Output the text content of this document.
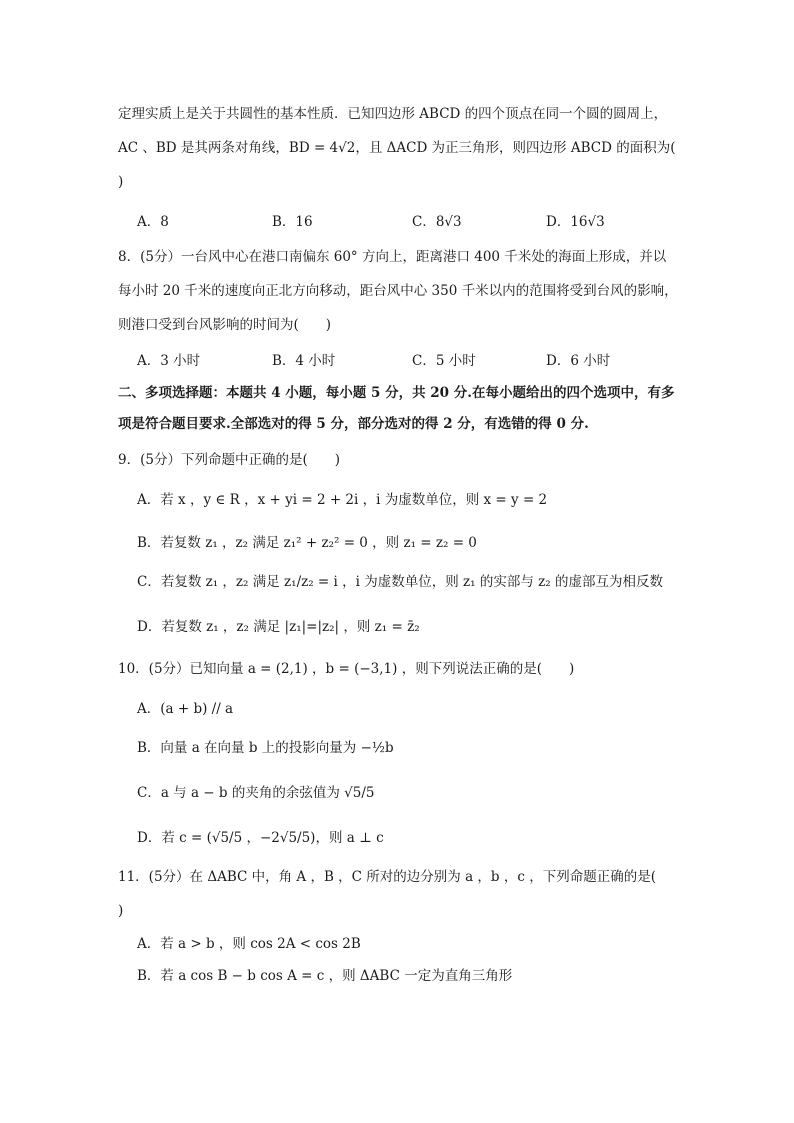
定理实质上是关于共圆性的基本性质．已知四边形 ABCD 的四个顶点在同一个圆的圆周上，
AC 、BD 是其两条对角线，BD = 4√2，且 ΔACD 为正三角形，则四边形 ABCD 的面积为(
)
A．8	B．16	C．8√3	D．16√3
8．(5分）一台风中心在港口南偏东 60° 方向上，距离港口 400 千米处的海面上形成，并以
每小时 20 千米的速度向正北方向移动，距台风中心 350 千米以内的范围将受到台风的影响，
则港口受到台风影响的时间为(　　)
A．3 小时	B．4 小时	C．5 小时	D．6 小时
二、多项选择题：本题共 4 小题，每小题 5 分，共 20 分.在每小题给出的四个选项中，有多
项是符合题目要求.全部选对的得 5 分，部分选对的得 2 分，有选错的得 0 分.
9．(5分）下列命题中正确的是(　　)
A．若 x ，y ∈ R ，x + yi = 2 + 2i ，i 为虚数单位，则 x = y = 2
B．若复数 z₁ ，z₂ 满足 z₁² + z₂² = 0 ，则 z₁ = z₂ = 0
C．若复数 z₁ ，z₂ 满足 z₁/z₂ = i ，i 为虚数单位，则 z₁ 的实部与 z₂ 的虚部互为相反数
D．若复数 z₁ ，z₂ 满足 |z₁|=|z₂| ，则 z₁ = z̄₂
10．(5分）已知向量 a = (2,1) ，b = (−3,1) ，则下列说法正确的是(　　)
A．(a + b) // a
B．向量 a 在向量 b 上的投影向量为 −½b
C．a 与 a − b 的夹角的余弦值为 √5/5
D．若 c = (√5/5 ，−2√5/5)，则 a ⊥ c
11．(5分）在 ΔABC 中，角 A ，B ，C 所对的边分别为 a ，b ，c ，下列命题正确的是(
)
A．若 a > b ，则 cos 2A < cos 2B
B．若 a cos B − b cos A = c ，则 ΔABC 一定为直角三角形
